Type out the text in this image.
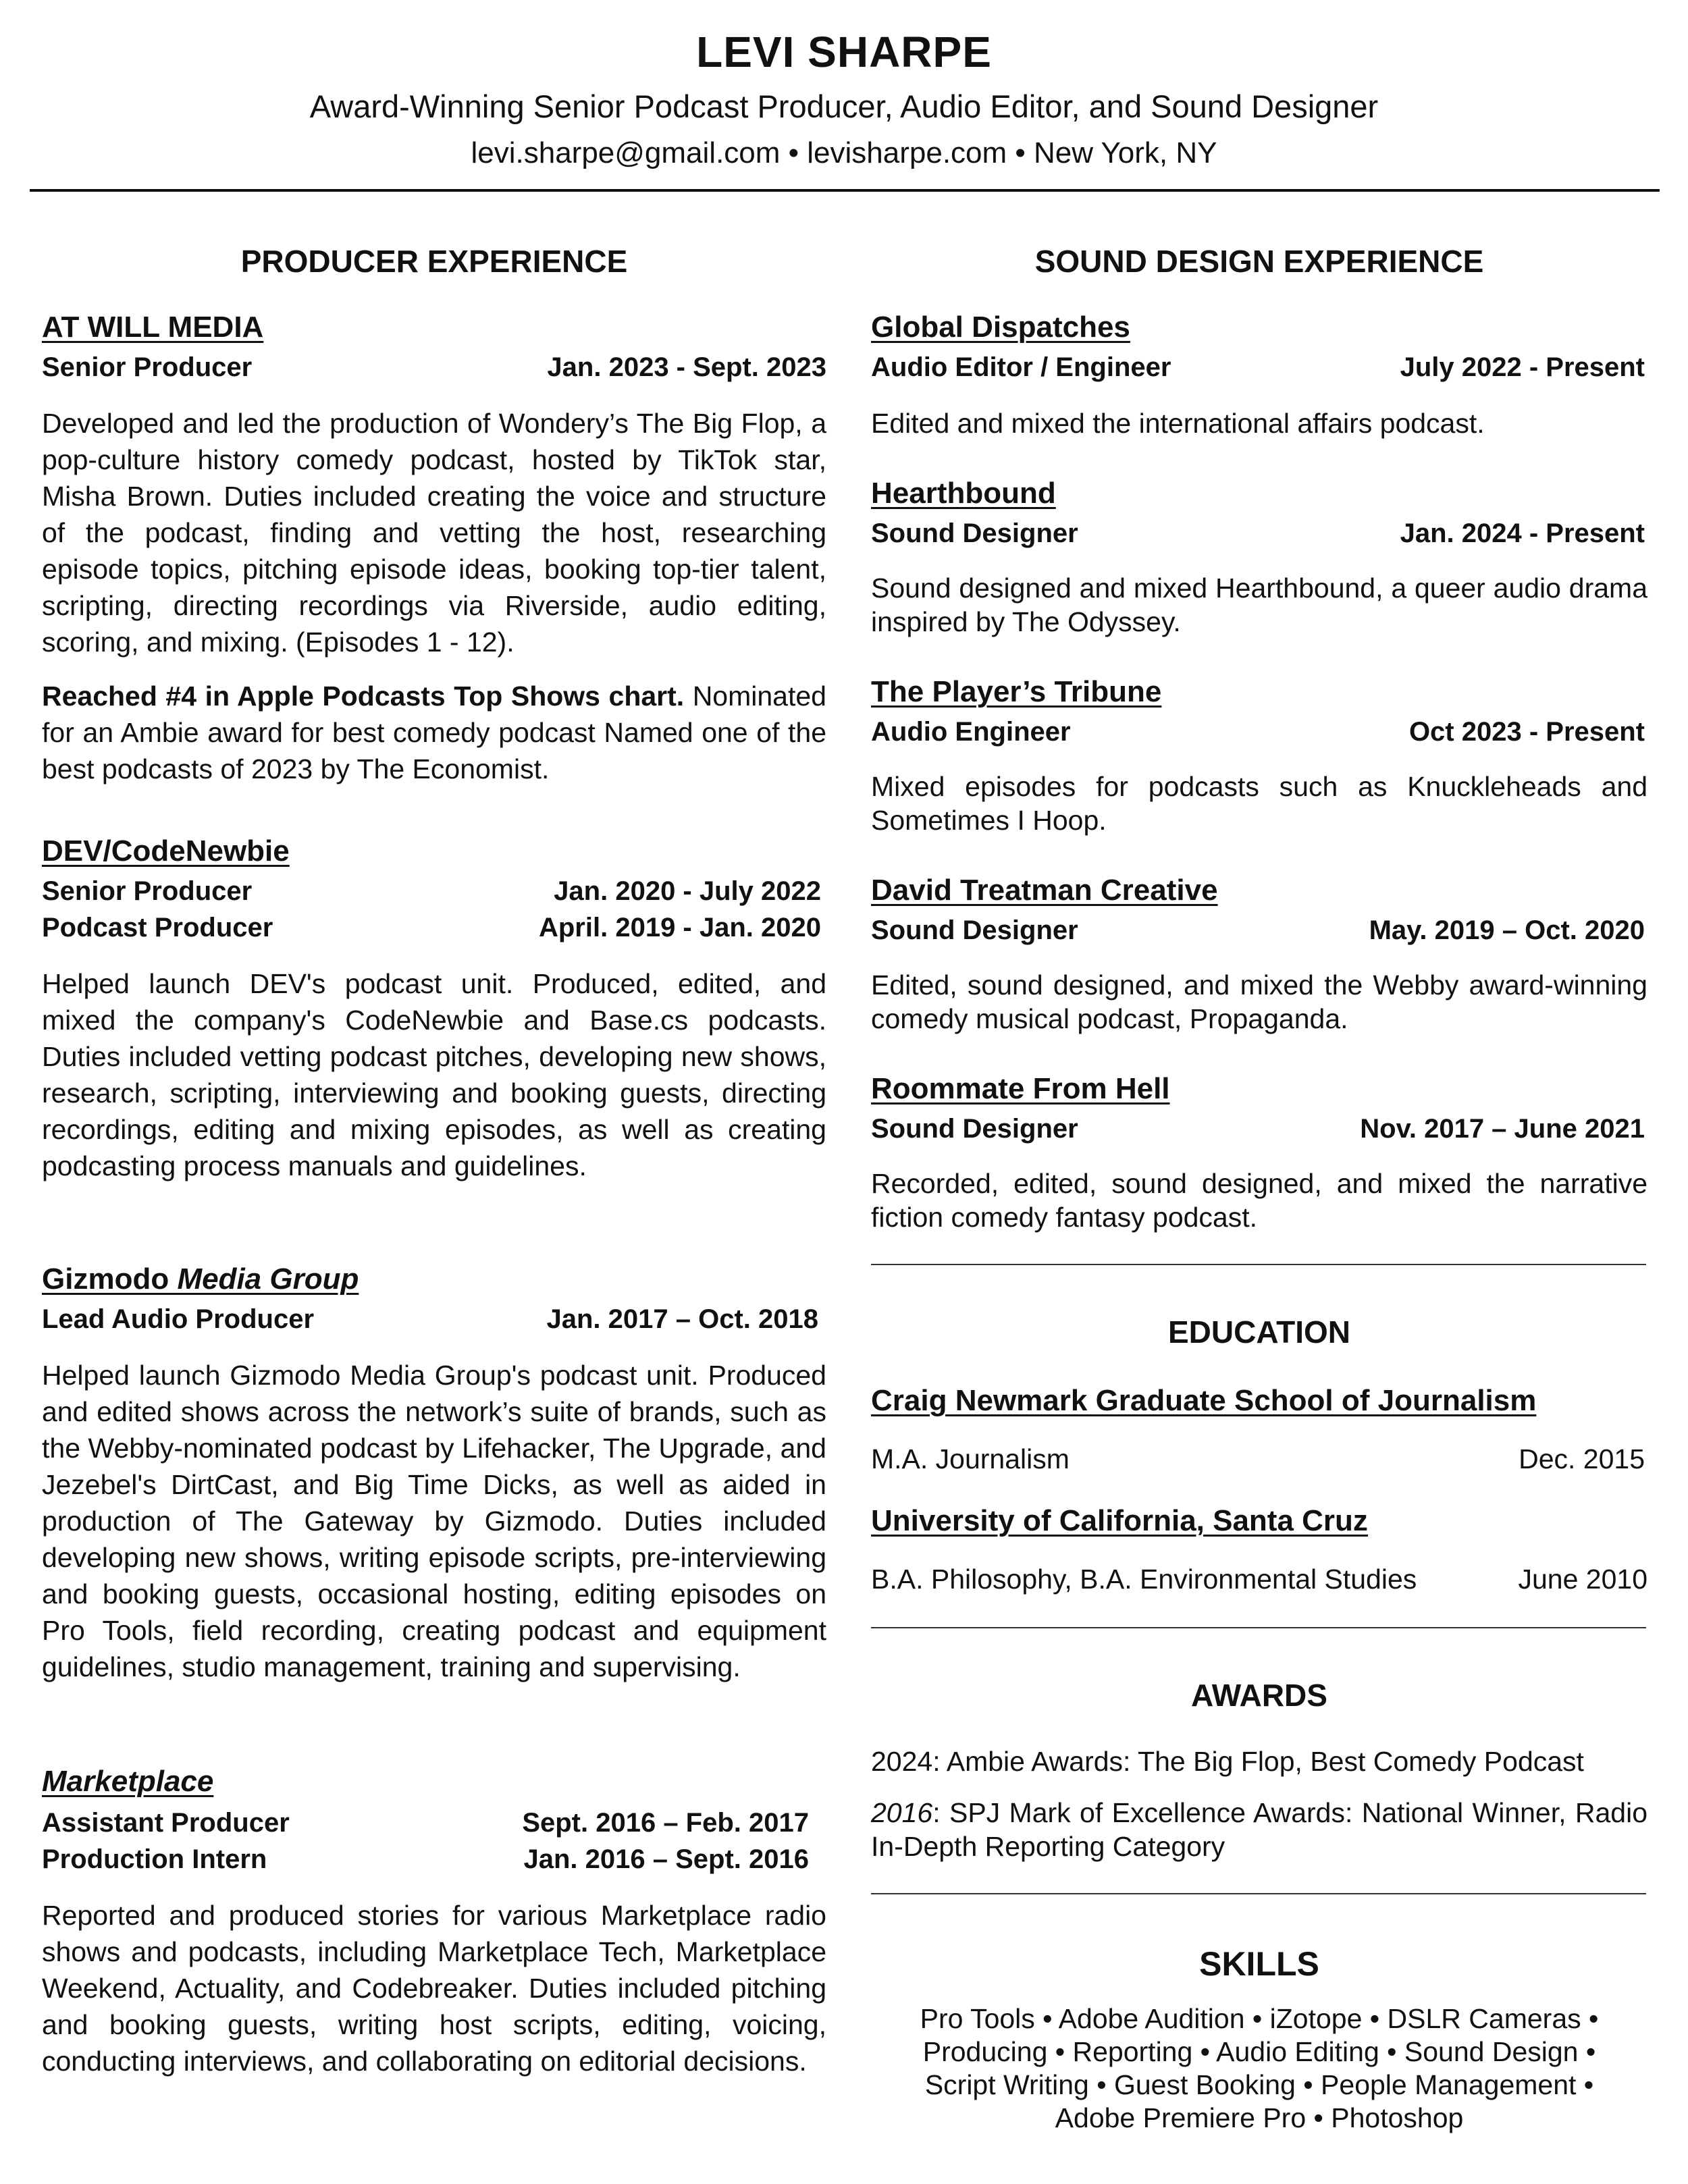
LEVI SHARPE
Award-Winning Senior Podcast Producer, Audio Editor, and Sound Designer
levi.sharpe@gmail.com • levisharpe.com • New York, NY
PRODUCER EXPERIENCE
AT WILL MEDIA
Senior Producer	Jan. 2023 - Sept. 2023
Developed and led the production of Wondery’s The Big Flop, a pop-culture history comedy podcast, hosted by TikTok star, Misha Brown. Duties included creating the voice and structure of the podcast, finding and vetting the host, researching episode topics, pitching episode ideas, booking top-tier talent, scripting, directing recordings via Riverside, audio editing, scoring, and mixing. (Episodes 1 - 12).
Reached #4 in Apple Podcasts Top Shows chart. Nominated for an Ambie award for best comedy podcast Named one of the best podcasts of 2023 by The Economist.
DEV/CodeNewbie
Senior Producer	Jan. 2020 - July 2022
Podcast Producer	April. 2019 - Jan. 2020
Helped launch DEV's podcast unit. Produced, edited, and mixed the company's CodeNewbie and Base.cs podcasts. Duties included vetting podcast pitches, developing new shows, research, scripting, interviewing and booking guests, directing recordings, editing and mixing episodes, as well as creating podcasting process manuals and guidelines.
Gizmodo Media Group
Lead Audio Producer	Jan. 2017 – Oct. 2018
Helped launch Gizmodo Media Group's podcast unit. Produced and edited shows across the network’s suite of brands, such as the Webby-nominated podcast by Lifehacker, The Upgrade, and Jezebel's DirtCast, and Big Time Dicks, as well as aided in production of The Gateway by Gizmodo. Duties included developing new shows, writing episode scripts, pre-interviewing and booking guests, occasional hosting, editing episodes on Pro Tools, field recording, creating podcast and equipment guidelines, studio management, training and supervising.
Marketplace
Assistant Producer	Sept. 2016 – Feb. 2017
Production Intern	Jan. 2016 – Sept. 2016
Reported and produced stories for various Marketplace radio shows and podcasts, including Marketplace Tech, Marketplace Weekend, Actuality, and Codebreaker. Duties included pitching and booking guests, writing host scripts, editing, voicing, conducting interviews, and collaborating on editorial decisions.
SOUND DESIGN EXPERIENCE
Global Dispatches
Audio Editor / Engineer	July 2022 - Present
Edited and mixed the international affairs podcast.
Hearthbound
Sound Designer	Jan. 2024 - Present
Sound designed and mixed Hearthbound, a queer audio drama inspired by The Odyssey.
The Player’s Tribune
Audio Engineer	Oct 2023 - Present
Mixed episodes for podcasts such as Knuckleheads and Sometimes I Hoop.
David Treatman Creative
Sound Designer	May. 2019 – Oct. 2020
Edited, sound designed, and mixed the Webby award-winning comedy musical podcast, Propaganda.
Roommate From Hell
Sound Designer	Nov. 2017 – June 2021
Recorded, edited, sound designed, and mixed the narrative fiction comedy fantasy podcast.
EDUCATION
Craig Newmark Graduate School of Journalism
M.A. Journalism	Dec. 2015
University of California, Santa Cruz
B.A. Philosophy, B.A. Environmental Studies	June 2010
AWARDS
2024: Ambie Awards: The Big Flop, Best Comedy Podcast
2016: SPJ Mark of Excellence Awards: National Winner, Radio In-Depth Reporting Category
SKILLS
Pro Tools • Adobe Audition • iZotope • DSLR Cameras •
Producing • Reporting • Audio Editing • Sound Design •
Script Writing • Guest Booking • People Management •
Adobe Premiere Pro • Photoshop
